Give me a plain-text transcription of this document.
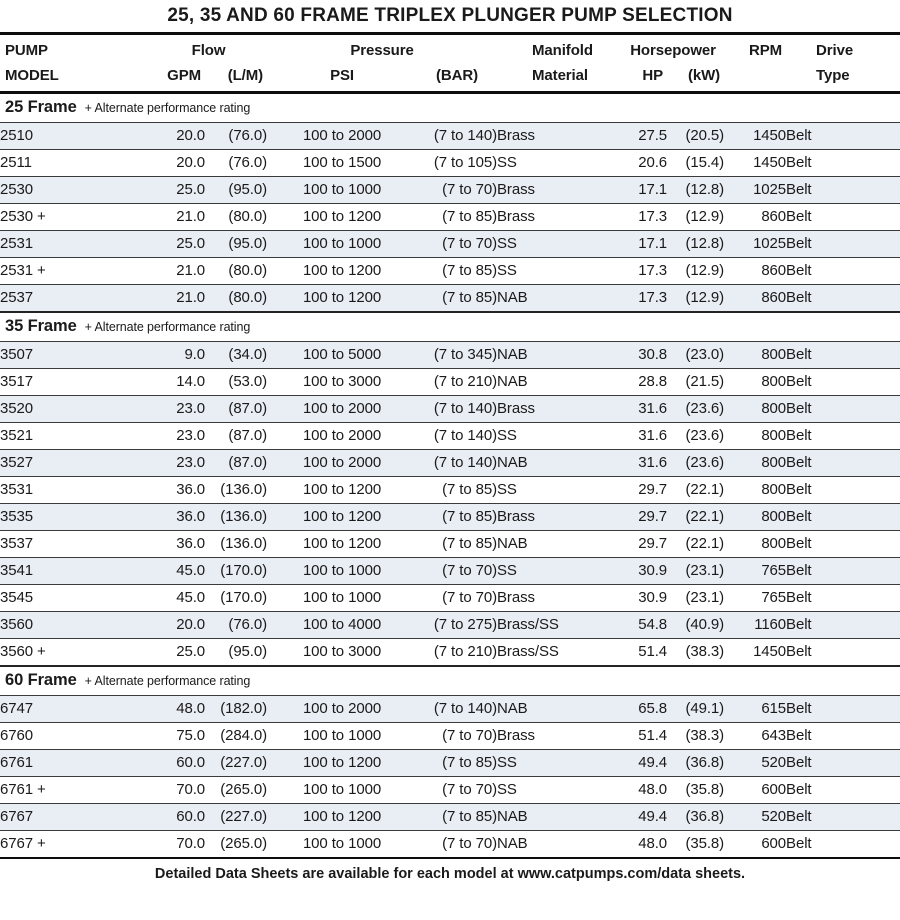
25, 35 AND 60 FRAME TRIPLEX PLUNGER PUMP SELECTION
PUMP	Flow		Pressure		Manifold	Horsepower		RPM	Drive
MODEL	GPM	(L/M)	PSI	(BAR)	Material	HP	(kW)		Type
25 Frame + Alternate performance rating									
2510	20.0	(76.0)	100 to 2000	(7 to 140)	Brass	27.5	(20.5)	1450	Belt
2511	20.0	(76.0)	100 to 1500	(7 to 105)	SS	20.6	(15.4)	1450	Belt
2530	25.0	(95.0)	100 to 1000	(7 to 70)	Brass	17.1	(12.8)	1025	Belt
2530 +	21.0	(80.0)	100 to 1200	(7 to 85)	Brass	17.3	(12.9)	860	Belt
2531	25.0	(95.0)	100 to 1000	(7 to 70)	SS	17.1	(12.8)	1025	Belt
2531 +	21.0	(80.0)	100 to 1200	(7 to 85)	SS	17.3	(12.9)	860	Belt
2537	21.0	(80.0)	100 to 1200	(7 to 85)	NAB	17.3	(12.9)	860	Belt
35 Frame + Alternate performance rating									
3507	9.0	(34.0)	100 to 5000	(7 to 345)	NAB	30.8	(23.0)	800	Belt
3517	14.0	(53.0)	100 to 3000	(7 to 210)	NAB	28.8	(21.5)	800	Belt
3520	23.0	(87.0)	100 to 2000	(7 to 140)	Brass	31.6	(23.6)	800	Belt
3521	23.0	(87.0)	100 to 2000	(7 to 140)	SS	31.6	(23.6)	800	Belt
3527	23.0	(87.0)	100 to 2000	(7 to 140)	NAB	31.6	(23.6)	800	Belt
3531	36.0	(136.0)	100 to 1200	(7 to 85)	SS	29.7	(22.1)	800	Belt
3535	36.0	(136.0)	100 to 1200	(7 to 85)	Brass	29.7	(22.1)	800	Belt
3537	36.0	(136.0)	100 to 1200	(7 to 85)	NAB	29.7	(22.1)	800	Belt
3541	45.0	(170.0)	100 to 1000	(7 to 70)	SS	30.9	(23.1)	765	Belt
3545	45.0	(170.0)	100 to 1000	(7 to 70)	Brass	30.9	(23.1)	765	Belt
3560	20.0	(76.0)	100 to 4000	(7 to 275)	Brass/SS	54.8	(40.9)	1160	Belt
3560 +	25.0	(95.0)	100 to 3000	(7 to 210)	Brass/SS	51.4	(38.3)	1450	Belt
60 Frame + Alternate performance rating									
6747	48.0	(182.0)	100 to 2000	(7 to 140)	NAB	65.8	(49.1)	615	Belt
6760	75.0	(284.0)	100 to 1000	(7 to 70)	Brass	51.4	(38.3)	643	Belt
6761	60.0	(227.0)	100 to 1200	(7 to 85)	SS	49.4	(36.8)	520	Belt
6761 +	70.0	(265.0)	100 to 1000	(7 to 70)	SS	48.0	(35.8)	600	Belt
6767	60.0	(227.0)	100 to 1200	(7 to 85)	NAB	49.4	(36.8)	520	Belt
6767 +	70.0	(265.0)	100 to 1000	(7 to 70)	NAB	48.0	(35.8)	600	Belt

Detailed Data Sheets are available for each model at www.catpumps.com/data sheets.
